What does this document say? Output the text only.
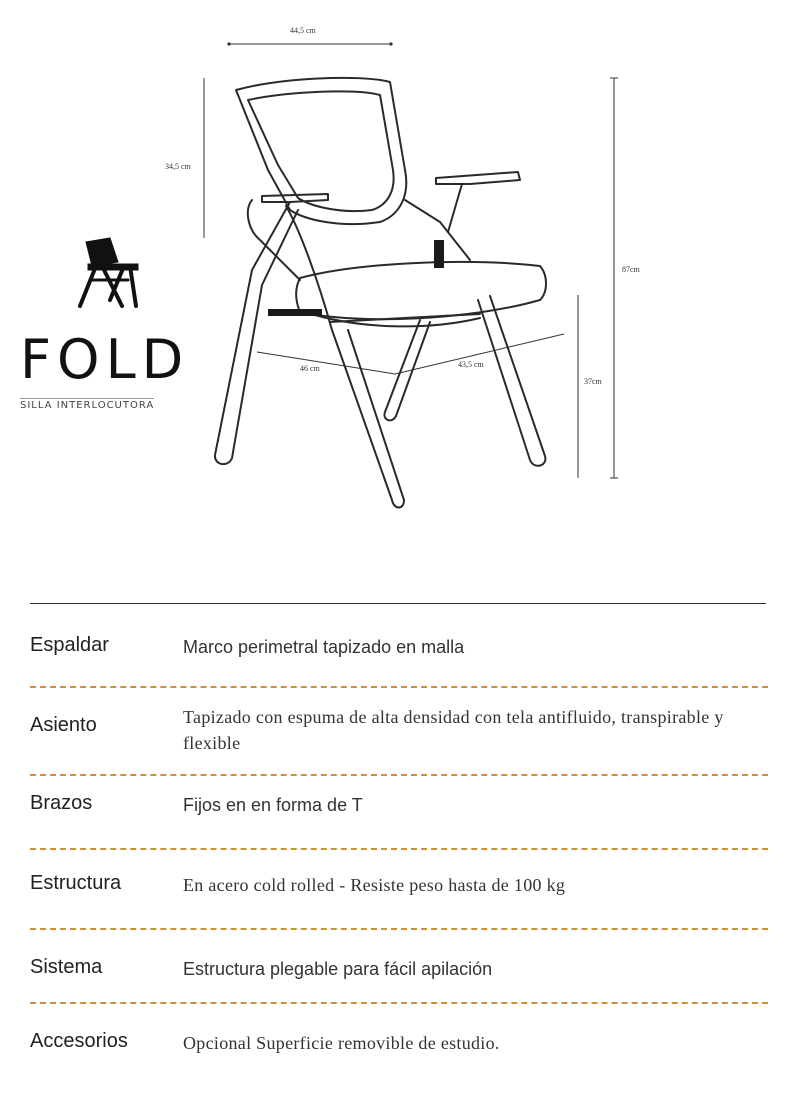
44,5 cm
34,5 cm
87cm
37cm
46 cm	43,5 cm
FOLD
SILLA INTERLOCUTORA
Espaldar	Marco perimetral tapizado en malla
Asiento	Tapizado con espuma de alta densidad con tela antifluido, transpirable y flexible
Brazos	Fijos en en forma de T
Estructura	En acero cold rolled - Resiste peso hasta de 100 kg
Sistema	Estructura plegable para fácil apilación
Accesorios	Opcional Superficie removible de estudio.
